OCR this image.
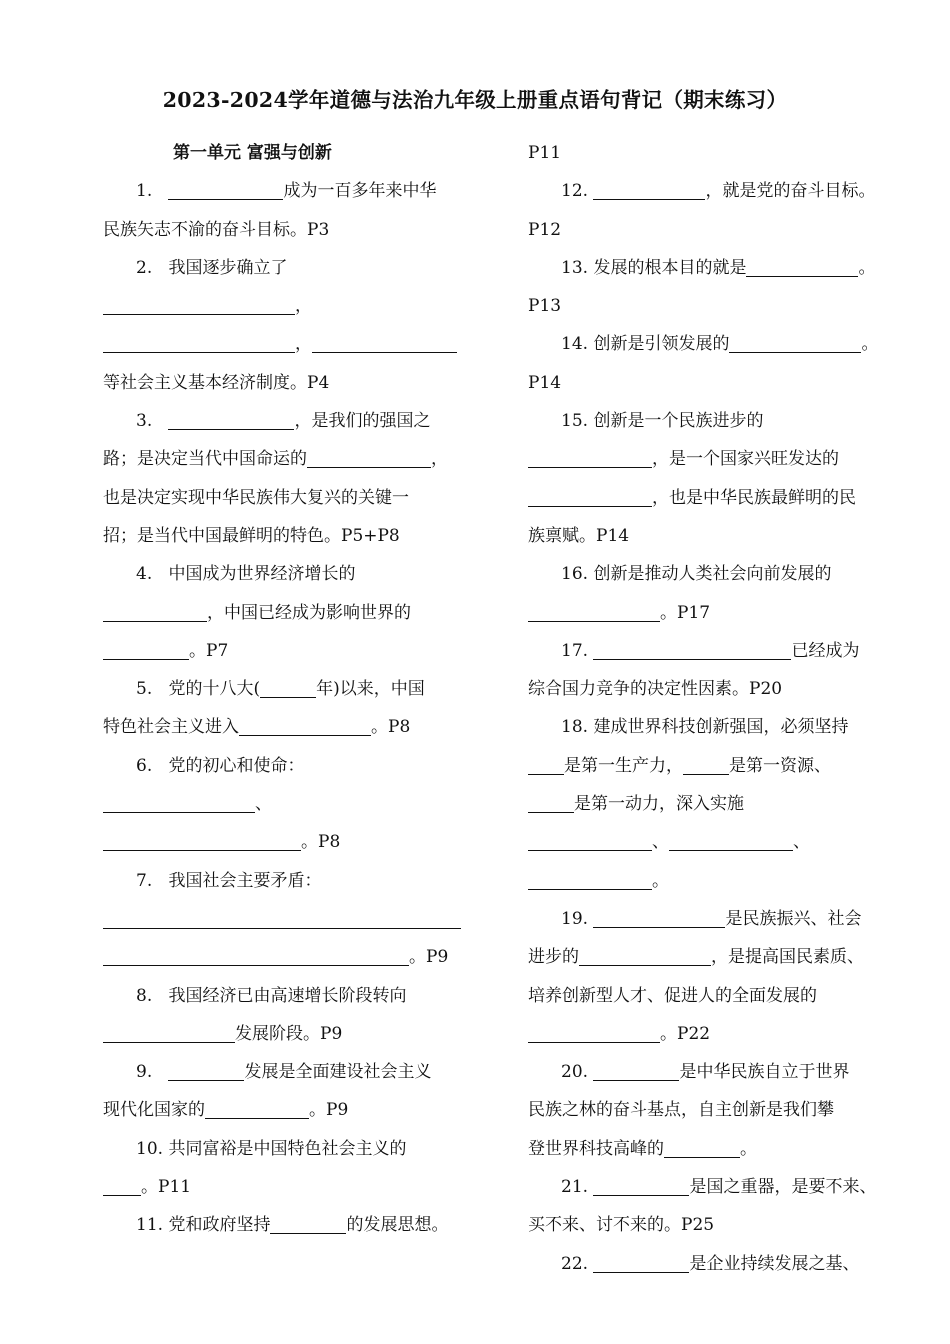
2023-2024学年道德与法治九年级上册重点语句背记（期末练习）
第一单元 富强与创新
1.	成为一百多年来中华
民族矢志不渝的奋斗目标。P3
2. 我国逐步确立了
，
，
等社会主义基本经济制度。P4
3.	，是我们的强国之
路；是决定当代中国命运的	，
也是决定实现中华民族伟大复兴的关键一
招；是当代中国最鲜明的特色。P5+P8
4. 中国成为世界经济增长的
，中国已经成为影响世界的
。P7
5. 党的十八大(	年)以来，中国
特色社会主义进入	。P8
6. 党的初心和使命：
、
。P8
7. 我国社会主要矛盾：
。P9
8. 我国经济已由高速增长阶段转向
发展阶段。P9
9.	发展是全面建设社会主义
现代化国家的	。P9
10. 共同富裕是中国特色社会主义的
。P11
11. 党和政府坚持	的发展思想。
P11
12.	，就是党的奋斗目标。
P12
13. 发展的根本目的就是	。
P13
14. 创新是引领发展的	。
P14
15. 创新是一个民族进步的
，是一个国家兴旺发达的
，也是中华民族最鲜明的民
族禀赋。P14
16. 创新是推动人类社会向前发展的
。P17
17.	已经成为
综合国力竞争的决定性因素。P20
18. 建成世界科技创新强国，必须坚持
是第一生产力，	是第一资源、
是第一动力，深入实施
、	、
。
19.	是民族振兴、社会
进步的	，是提高国民素质、
培养创新型人才、促进人的全面发展的
。P22
20.	是中华民族自立于世界
民族之林的奋斗基点，自主创新是我们攀
登世界科技高峰的	。
21.	是国之重器，是要不来、
买不来、讨不来的。P25
22.	是企业持续发展之基、
